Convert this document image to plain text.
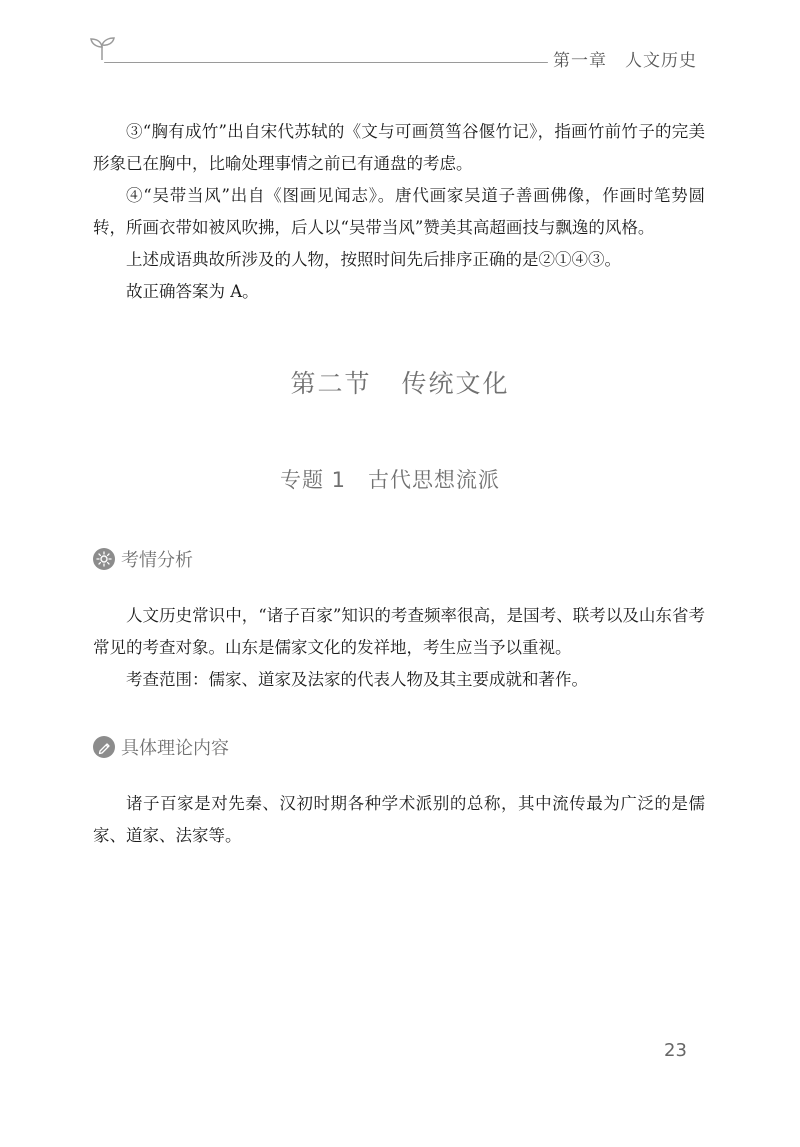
第一章 人文历史

③“胸有成竹”出自宋代苏轼的《文与可画筼筜谷偃竹记》，指画竹前竹子的完美形象已在胸中，比喻处理事情之前已有通盘的考虑。

④“吴带当风”出自《图画见闻志》。唐代画家吴道子善画佛像，作画时笔势圆转，所画衣带如被风吹拂，后人以“吴带当风”赞美其高超画技与飘逸的风格。

上述成语典故所涉及的人物，按照时间先后排序正确的是②①④③。

故正确答案为 A。

第二节 传统文化
专题 1 古代思想流派
考情分析

人文历史常识中，“诸子百家”知识的考查频率很高，是国考、联考以及山东省考常见的考查对象。山东是儒家文化的发祥地，考生应当予以重视。

考查范围：儒家、道家及法家的代表人物及其主要成就和著作。

具体理论内容

诸子百家是对先秦、汉初时期各种学术派别的总称，其中流传最为广泛的是儒家、道家、法家等。

23
